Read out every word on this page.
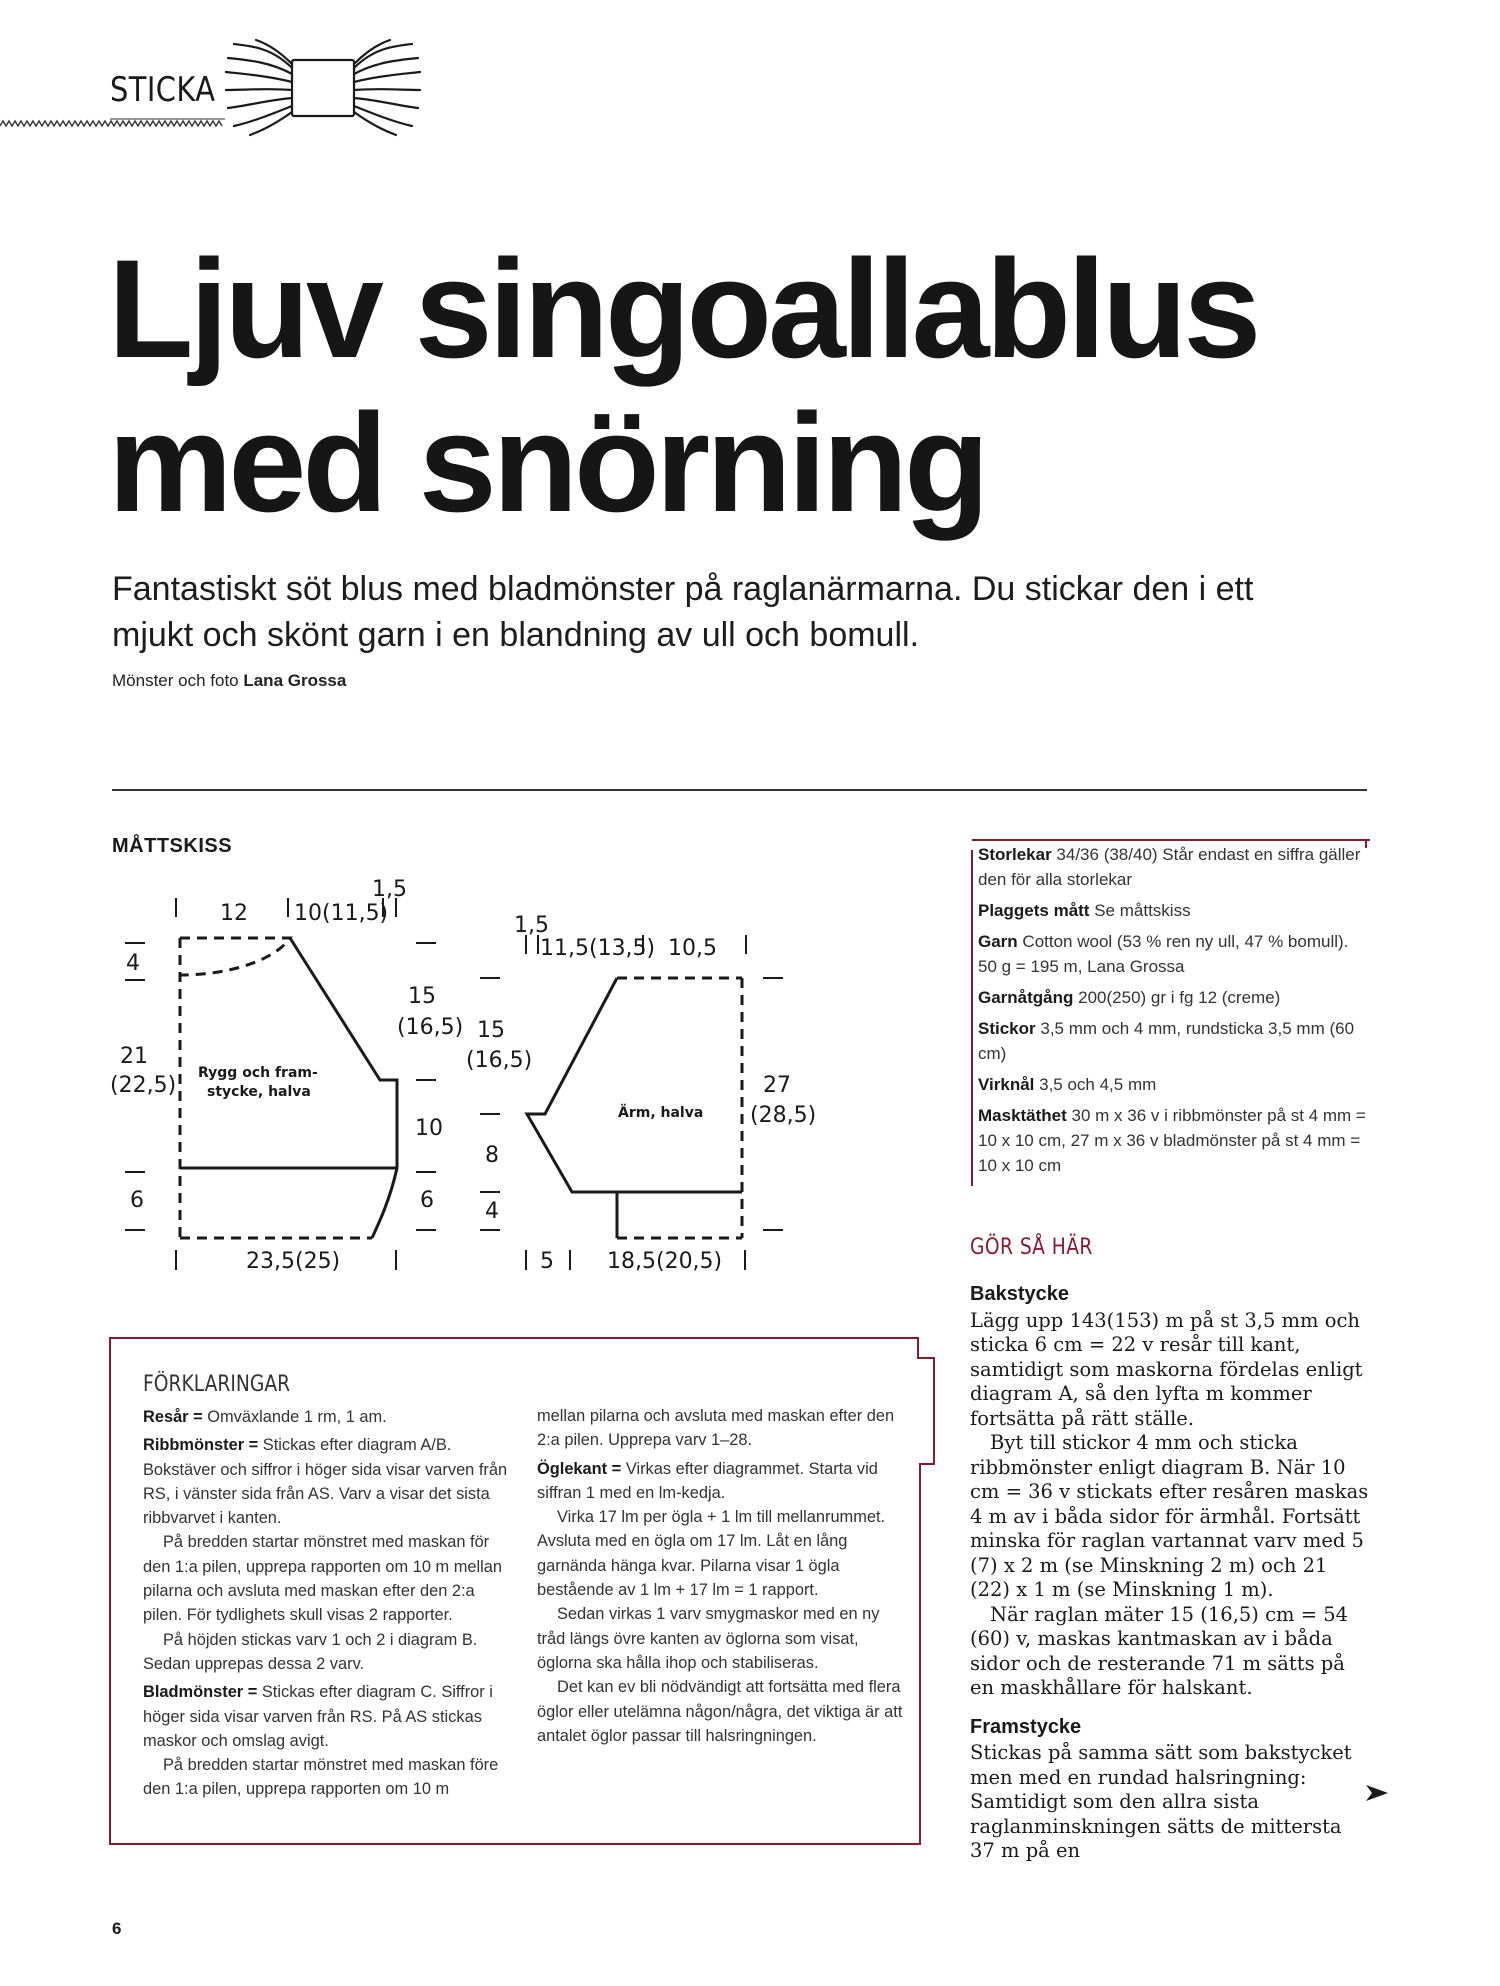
STICKA
Ljuv singoallablus
med snörning
Fantastiskt söt blus med bladmönster på raglanärmarna. Du stickar den i ett
mjukt och skönt garn i en blandning av ull och bomull.
Mönster och foto Lana Grossa
MÅTTSKISS
12 10(11,5)
1,5
4
21
(22,5)
6
15
(16,5)
10
6
23,5(25)
1,5
11,5(13,5) 10,5
15
(16,5)
8
4
27
(28,5)
5 18,5(20,5)
Rygg och fram-
stycke, halva
Ärm, halva

Storlekar 34/36 (38/40) Står endast en siffra gäller den för alla storlekar

Plaggets mått Se måttskiss

Garn Cotton wool (53 % ren ny ull, 47 % bomull). 50 g = 195 m, Lana Grossa

Garnåtgång 200(250) gr i fg 12 (creme)

Stickor 3,5 mm och 4 mm, rundsticka 3,5 mm (60 cm)

Virknål 3,5 och 4,5 mm

Masktäthet 30 m x 36 v i ribbmönster på st 4 mm = 10 x 10 cm, 27 m x 36 v bladmönster på st 4 mm = 10 x 10 cm

GÖR SÅ HÄR
Bakstycke

Lägg upp 143(153) m på st 3,5 mm och sticka 6 cm = 22 v resår till kant, samtidigt som maskorna fördelas enligt diagram A, så den lyfta m kommer fortsätta på rätt ställe.

Byt till stickor 4 mm och sticka ribbmönster enligt diagram B. När 10 cm = 36 v stickats efter resåren maskas 4 m av i båda sidor för ärmhål. Fortsätt minska för raglan vartannat varv med 5 (7) x 2 m (se Minskning 2 m) och 21 (22) x 1 m (se Minskning 1 m).

När raglan mäter 15 (16,5) cm = 54 (60) v, maskas kantmaskan av i båda sidor och de resterande 71 m sätts på en maskhållare för halskant.

Framstycke

Stickas på samma sätt som bakstycket men med en rundad halsringning: Samtidigt som den allra sista raglanminskningen sätts de mittersta 37 m på en

FÖRKLARINGAR

Resår = Omväxlande 1 rm, 1 am.

Ribbmönster = Stickas efter diagram A/B. Bokstäver och siffror i höger sida visar varven från RS, i vänster sida från AS. Varv a visar det sista ribbvarvet i kanten.

På bredden startar mönstret med maskan för den 1:a pilen, upprepa rapporten om 10 m mellan pilarna och avsluta med maskan efter den 2:a pilen. För tydlighets skull visas 2 rapporter.

På höjden stickas varv 1 och 2 i diagram B. Sedan upprepas dessa 2 varv.

Bladmönster = Stickas efter diagram C. Siffror i höger sida visar varven från RS. På AS stickas maskor och omslag avigt.

På bredden startar mönstret med maskan före den 1:a pilen, upprepa rapporten om 10 m

mellan pilarna och avsluta med maskan efter den 2:a pilen. Upprepa varv 1–28.

Öglekant = Virkas efter diagrammet. Starta vid siffran 1 med en lm-kedja.

Virka 17 lm per ögla + 1 lm till mellanrummet. Avsluta med en ögla om 17 lm. Låt en lång garnända hänga kvar. Pilarna visar 1 ögla bestående av 1 lm + 17 lm = 1 rapport.

Sedan virkas 1 varv smygmaskor med en ny tråd längs övre kanten av öglorna som visat, öglorna ska hålla ihop och stabiliseras.

Det kan ev bli nödvändigt att fortsätta med flera öglor eller utelämna någon/några, det viktiga är att antalet öglor passar till halsringningen.

6
